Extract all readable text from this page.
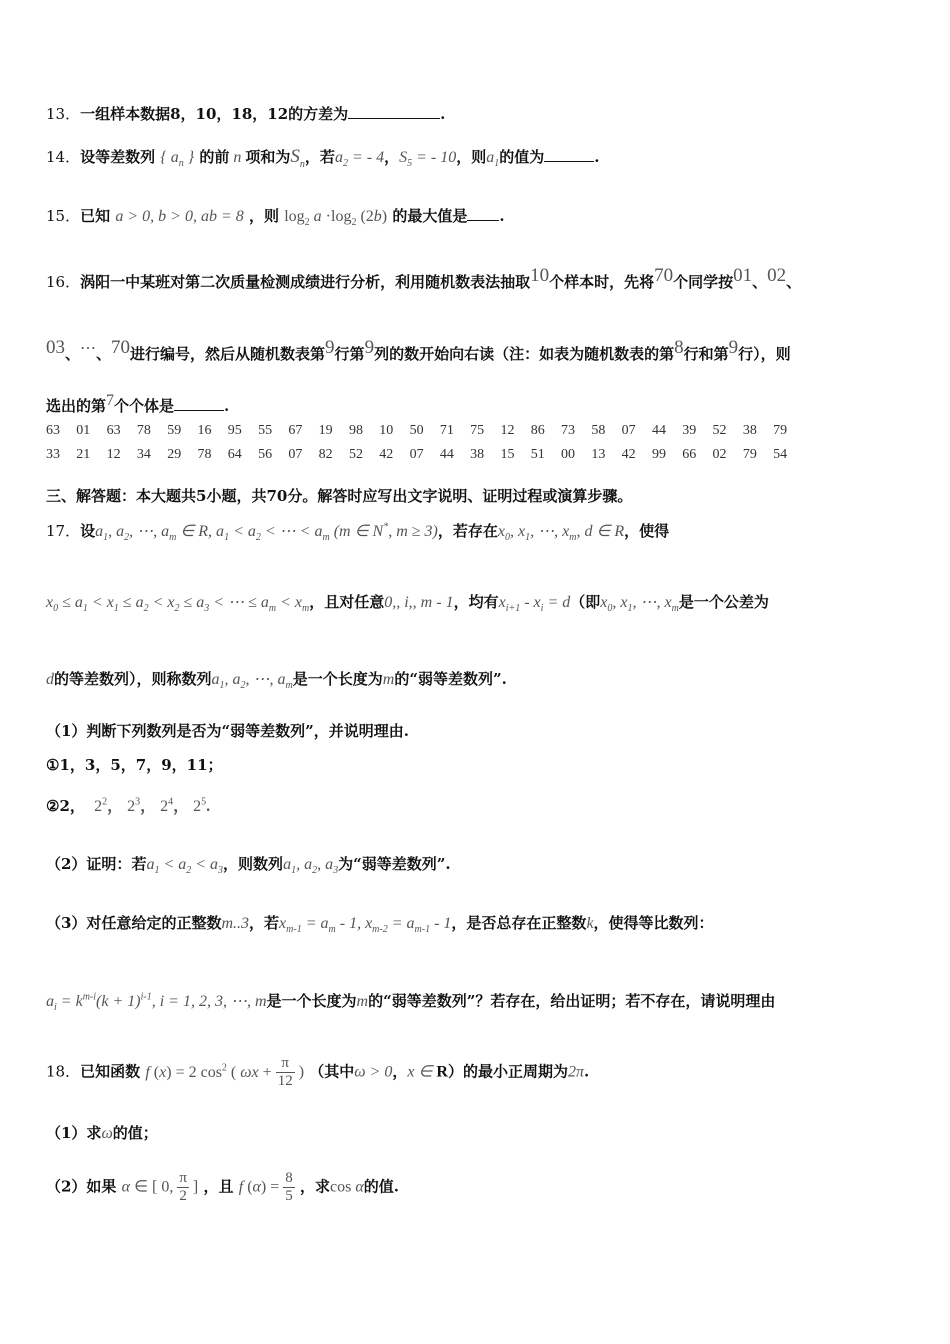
13．一组样本数据8，10，18，12的方差为	.
14．设等差数列 { $a_n$ } 的前 n 项和为$S_n$，若$a_2$ = - 4，$S_5$ = - 10，则$a_1$的值为	.
15．已知 a > 0, b > 0, ab = 8 ，则 $\log_2 a \cdot\log_2$ (2b) 的最大值是 .
16．涡阳一中某班对第二次质量检测成绩进行分析，利用随机数表法抽取$^{10}$个样本时，先将$^{70}$个同学按$^{01}$、$^{02}$、
$^{03}$、⋯、$^{70}$进行编号，然后从随机数表第$^9$行第$^9$列的数开始向右读（注：如表为随机数表的第$^8$行和第$^9$行），则
选出的第$^7$个个体是	.
63 01 63 78 59 16 95 55 67 19 98 10 50 71 75 12 86 73 58 07 44 39 52 38 79
33 21 12 34 29 78 64 56 07 82 52 42 07 44 38 15 51 00 13 42 99 66 02 79 54
三、解答题：本大题共5小题，共70分。解答时应写出文字说明、证明过程或演算步骤。
17．设$a_1$, $a_2$, ⋯, $a_m$ ∈ R, $a_1 < a_2$ < ⋯ < $a_m$ (m ∈ N*, m ≥ 3)，若存在$x_0$, $x_1$, ⋯, $x_m$, d ∈ R，使得
$x_0 \le a_1 < x_1 \le a_2 < x_2 \le a_3$ < ⋯ ≤ $a_m < x_m$，且对任意0,, i,, m - 1，均有$x_{i+1} - x_i = d$（即$x_0$, $x_1$, ⋯, $x_m$是一个公差为
d的等差数列），则称数列$a_1$, $a_2$, ⋯, $a_m$是一个长度为m的“弱等差数列”.
（1）判断下列数列是否为“弱等差数列”，并说明理由.
①1，3，5，7，9，11；
②2，  $2^2$， $2^3$， $2^4$， $2^5$.
（2）证明：若$a_1 < a_2 < a_3$，则数列$a_1$, $a_2$, $a_3$为“弱等差数列”.
（3）对任意给定的正整数m..3，若$x_{m-1} = a_m - 1$, $x_{m-2} = a_{m-1} - 1$，是否总存在正整数k，使得等比数列：
$a_i = k^{m-i}(k + 1)^{i-1}$, i = 1, 2, 3, ⋯, m是一个长度为m的“弱等差数列”？若存在，给出证明；若不存在，请说明理由
18．已知函数 f (x) = 2 $\cos^2$ ( $\omega x + \frac{\pi}{12}$ ) （其中ω > 0，x ∈ R）的最小正周期为2π.
（1）求ω的值；
（2）如果 α ∈ [ 0, $\frac{\pi}{2}$ ] ，且 f $(\alpha) = \frac{8}{5}$ ，求cos α的值.
